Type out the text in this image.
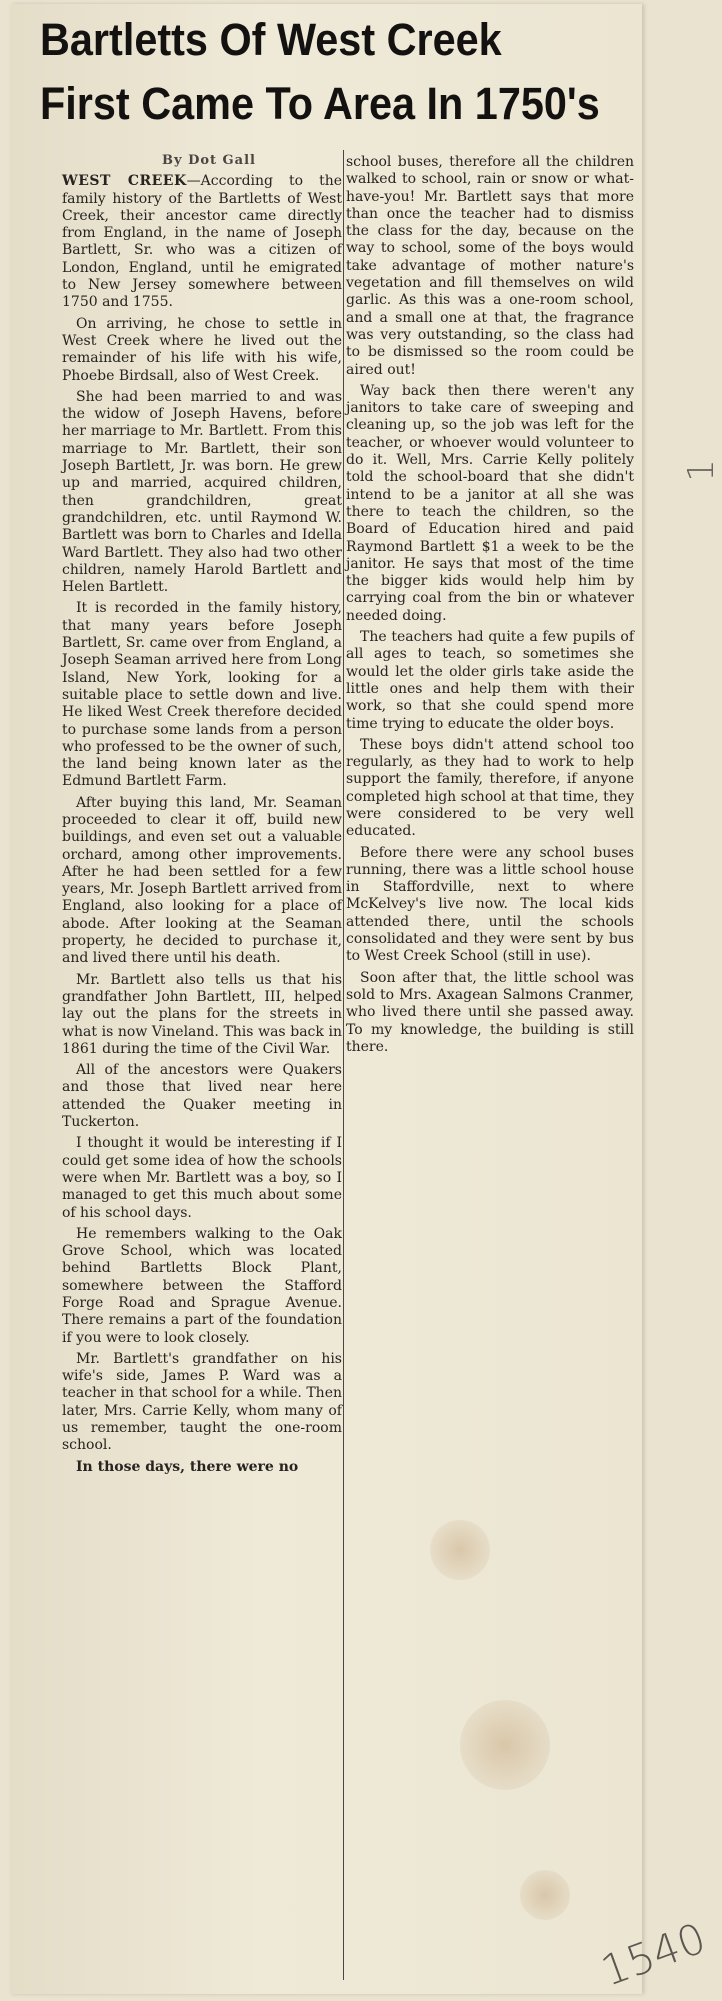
Bartletts Of West Creek
First Came To Area In 1750's

By Dot Gall

WEST CREEK—According to the family history of the Bartletts of West Creek, their ancestor came directly from England, in the name of Joseph Bartlett, Sr. who was a citizen of London, England, until he emigrated to New Jersey somewhere between 1750 and 1755.

On arriving, he chose to settle in West Creek where he lived out the remainder of his life with his wife, Phoebe Birdsall, also of West Creek.

She had been married to and was the widow of Joseph Havens, before her marriage to Mr. Bartlett. From this marriage to Mr. Bartlett, their son Joseph Bartlett, Jr. was born. He grew up and married, acquired children, then grandchildren, great grandchildren, etc. until Raymond W. Bartlett was born to Charles and Idella Ward Bartlett. They also had two other children, namely Harold Bartlett and Helen Bartlett.

It is recorded in the family history, that many years before Joseph Bartlett, Sr. came over from England, a Joseph Seaman arrived here from Long Island, New York, looking for a suitable place to settle down and live. He liked West Creek therefore decided to purchase some lands from a person who professed to be the owner of such, the land being known later as the Edmund Bartlett Farm.

After buying this land, Mr. Seaman proceeded to clear it off, build new buildings, and even set out a valuable orchard, among other improvements. After he had been settled for a few years, Mr. Joseph Bartlett arrived from England, also looking for a place of abode. After looking at the Seaman property, he decided to purchase it, and lived there until his death.

Mr. Bartlett also tells us that his grandfather John Bartlett, III, helped lay out the plans for the streets in what is now Vineland. This was back in 1861 during the time of the Civil War.

All of the ancestors were Quakers and those that lived near here attended the Quaker meeting in Tuckerton.

I thought it would be interesting if I could get some idea of how the schools were when Mr. Bartlett was a boy, so I managed to get this much about some of his school days.

He remembers walking to the Oak Grove School, which was located behind Bartletts Block Plant, somewhere between the Stafford Forge Road and Sprague Avenue. There remains a part of the foundation if you were to look closely.

Mr. Bartlett's grandfather on his wife's side, James P. Ward was a teacher in that school for a while. Then later, Mrs. Carrie Kelly, whom many of us remember, taught the one-room school.

In those days, there were no

school buses, therefore all the children walked to school, rain or snow or what-have-you! Mr. Bartlett says that more than once the teacher had to dismiss the class for the day, because on the way to school, some of the boys would take advantage of mother nature's vegetation and fill themselves on wild garlic. As this was a one-room school, and a small one at that, the fragrance was very outstanding, so the class had to be dismissed so the room could be aired out!

Way back then there weren't any janitors to take care of sweeping and cleaning up, so the job was left for the teacher, or whoever would volunteer to do it. Well, Mrs. Carrie Kelly politely told the school-board that she didn't intend to be a janitor at all she was there to teach the children, so the Board of Education hired and paid Raymond Bartlett $1 a week to be the janitor. He says that most of the time the bigger kids would help him by carrying coal from the bin or whatever needed doing.

The teachers had quite a few pupils of all ages to teach, so sometimes she would let the older girls take aside the little ones and help them with their work, so that she could spend more time trying to educate the older boys.

These boys didn't attend school too regularly, as they had to work to help support the family, therefore, if anyone completed high school at that time, they were considered to be very well educated.

Before there were any school buses running, there was a little school house in Staffordville, next to where McKelvey's live now. The local kids attended there, until the schools consolidated and they were sent by bus to West Creek School (still in use).

Soon after that, the little school was sold to Mrs. Axagean Salmons Cranmer, who lived there until she passed away. To my knowledge, the building is still there.

1540
1
